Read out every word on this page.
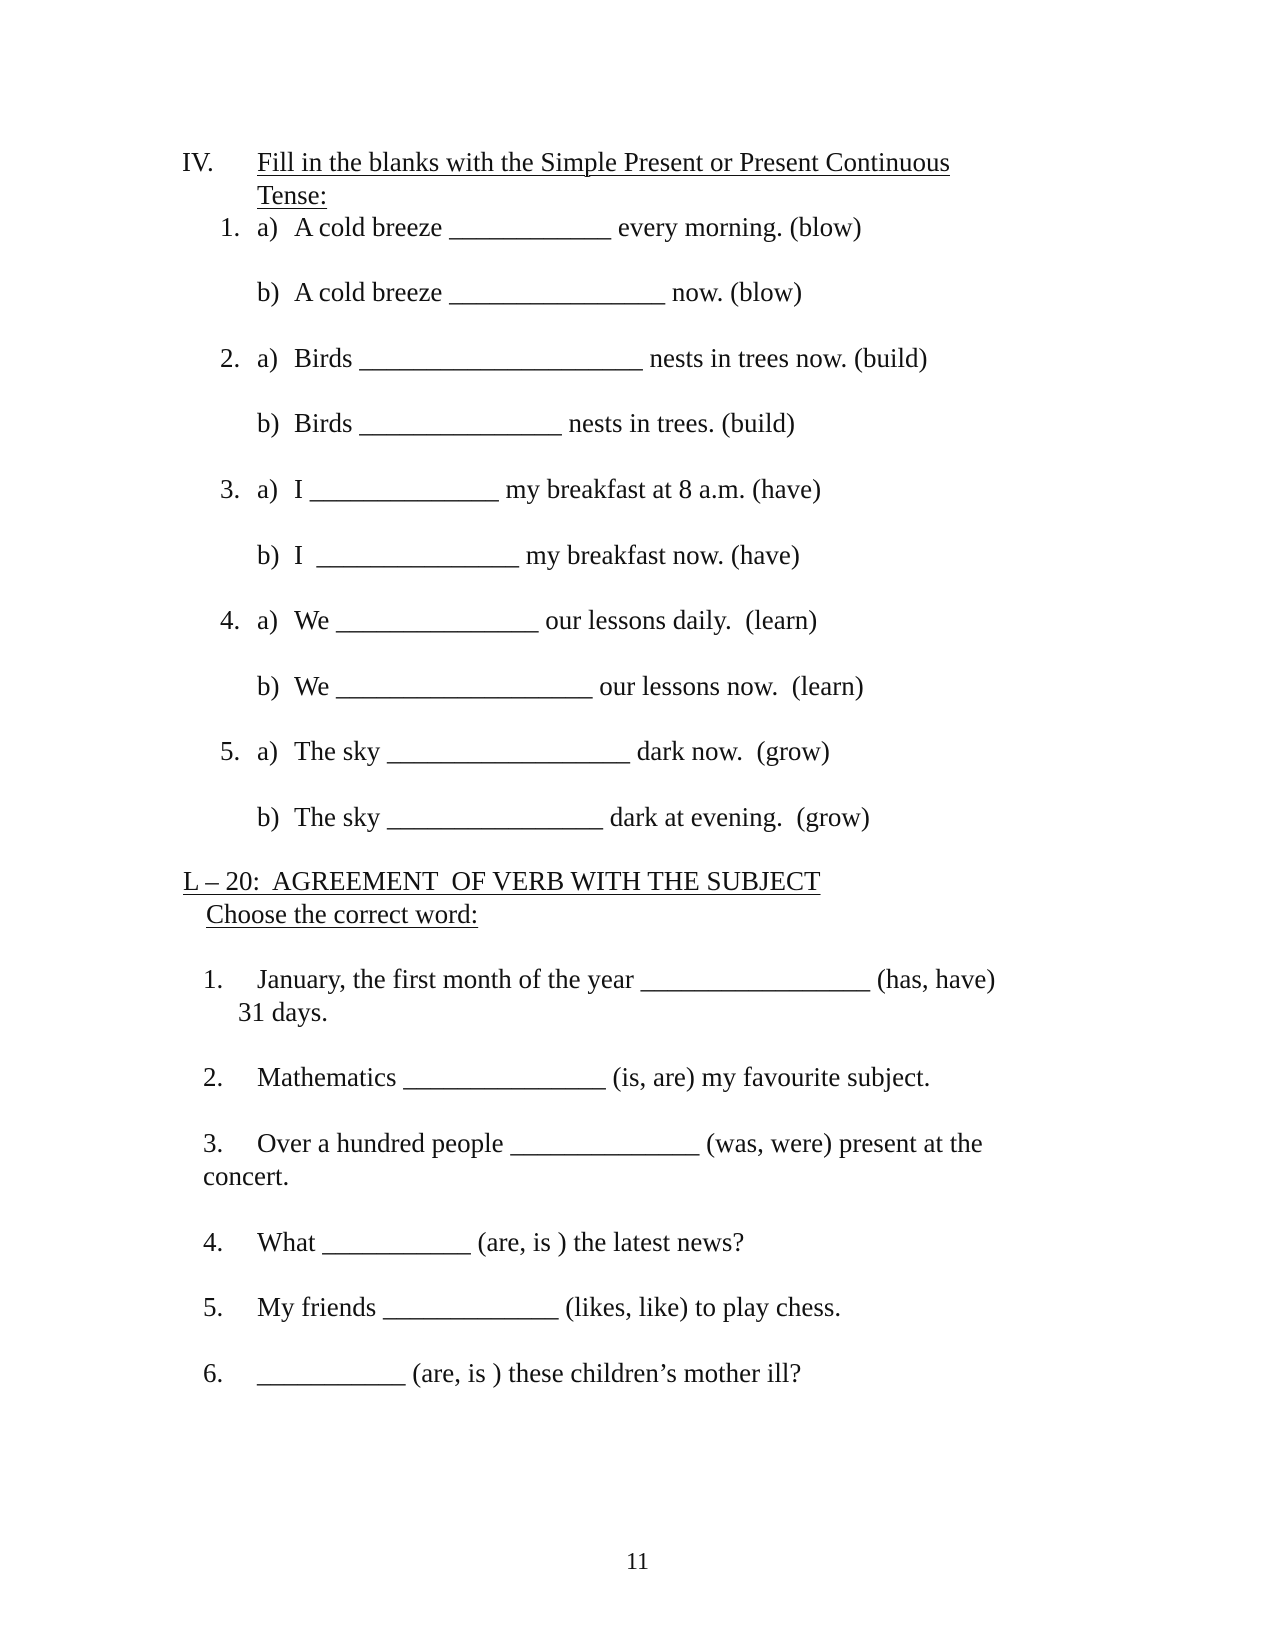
IV. Fill in the blanks with the Simple Present or Present Continuous
Tense:
1. a) A cold breeze ____________ every morning. (blow)
b) A cold breeze ________________ now. (blow)
2. a) Birds _____________________ nests in trees now. (build)
b) Birds _______________ nests in trees. (build)
3. a) I ______________ my breakfast at 8 a.m. (have)
b) I  _______________ my breakfast now. (have)
4. a) We _______________ our lessons daily.  (learn)
b) We ___________________ our lessons now.  (learn)
5. a) The sky __________________ dark now.  (grow)
b) The sky ________________ dark at evening.  (grow)
L – 20:  AGREEMENT  OF VERB WITH THE SUBJECT
Choose the correct word:
1. January, the first month of the year _________________ (has, have)
31 days.
2. Mathematics _______________ (is, are) my favourite subject.
3. Over a hundred people ______________ (was, were) present at the
concert.
4. What ___________ (are, is ) the latest news?
5. My friends _____________ (likes, like) to play chess.
6. ___________ (are, is ) these children’s mother ill?
11
